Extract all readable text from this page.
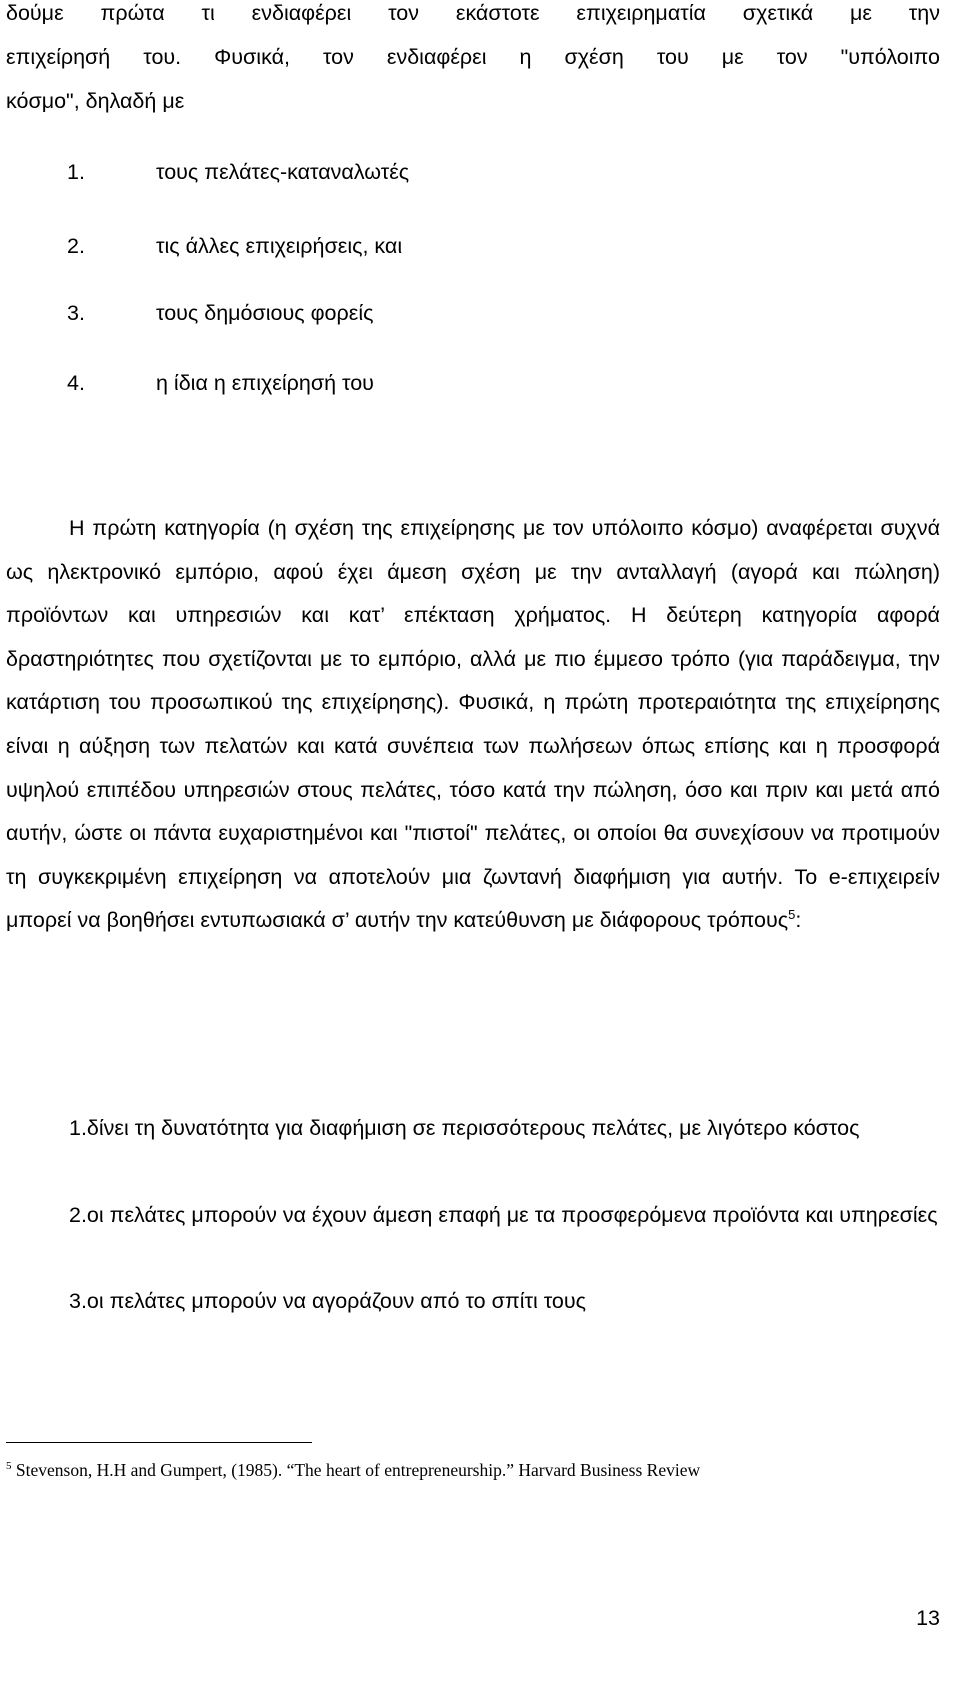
δούμε πρώτα τι ενδιαφέρει τον εκάστοτε επιχειρηματία σχετικά με την

επιχείρησή του. Φυσικά, τον ενδιαφέρει η σχέση του με τον "υπόλοιπο

κόσμο", δηλαδή με

1.	τους πελάτες-καταναλωτές
2.	τις άλλες επιχειρήσεις, και
3.	τους δημόσιους φορείς
4.	η ίδια η επιχείρησή του

Η πρώτη κατηγορία (η σχέση της επιχείρησης με τον υπόλοιπο κόσμο) αναφέρεται συχνά ως ηλεκτρονικό εμπόριο, αφού έχει άμεση σχέση με την ανταλλαγή (αγορά και πώληση) προϊόντων και υπηρεσιών και κατ’ επέκταση χρήματος. Η δεύτερη κατηγορία αφορά δραστηριότητες που σχετίζονται με το εμπόριο, αλλά με πιο έμμεσο τρόπο (για παράδειγμα, την κατάρτιση του προσωπικού της επιχείρησης). Φυσικά, η πρώτη προτεραιότητα της επιχείρησης είναι η αύξηση των πελατών και κατά συνέπεια των πωλήσεων όπως επίσης και η προσφορά υψηλού επιπέδου υπηρεσιών στους πελάτες, τόσο κατά την πώληση, όσο και πριν και μετά από αυτήν, ώστε οι πάντα ευχαριστημένοι και "πιστοί" πελάτες, οι οποίοι θα συνεχίσουν να προτιμούν τη συγκεκριμένη επιχείρηση να αποτελούν μια ζωντανή διαφήμιση για αυτήν. Το e-επιχειρείν μπορεί να βοηθήσει εντυπωσιακά σ’ αυτήν την κατεύθυνση με διάφορους τρόπους$^5$:

1.δίνει τη δυνατότητα για διαφήμιση σε περισσότερους πελάτες, με λιγότερο κόστος

2.οι πελάτες μπορούν να έχουν άμεση επαφή με τα προσφερόμενα προϊόντα και υπηρεσίες

3.οι πελάτες μπορούν να αγοράζουν από το σπίτι τους

$^5$ Stevenson, H.H and Gumpert, (1985). “The heart of entrepreneurship.” Harvard Business Review
13
